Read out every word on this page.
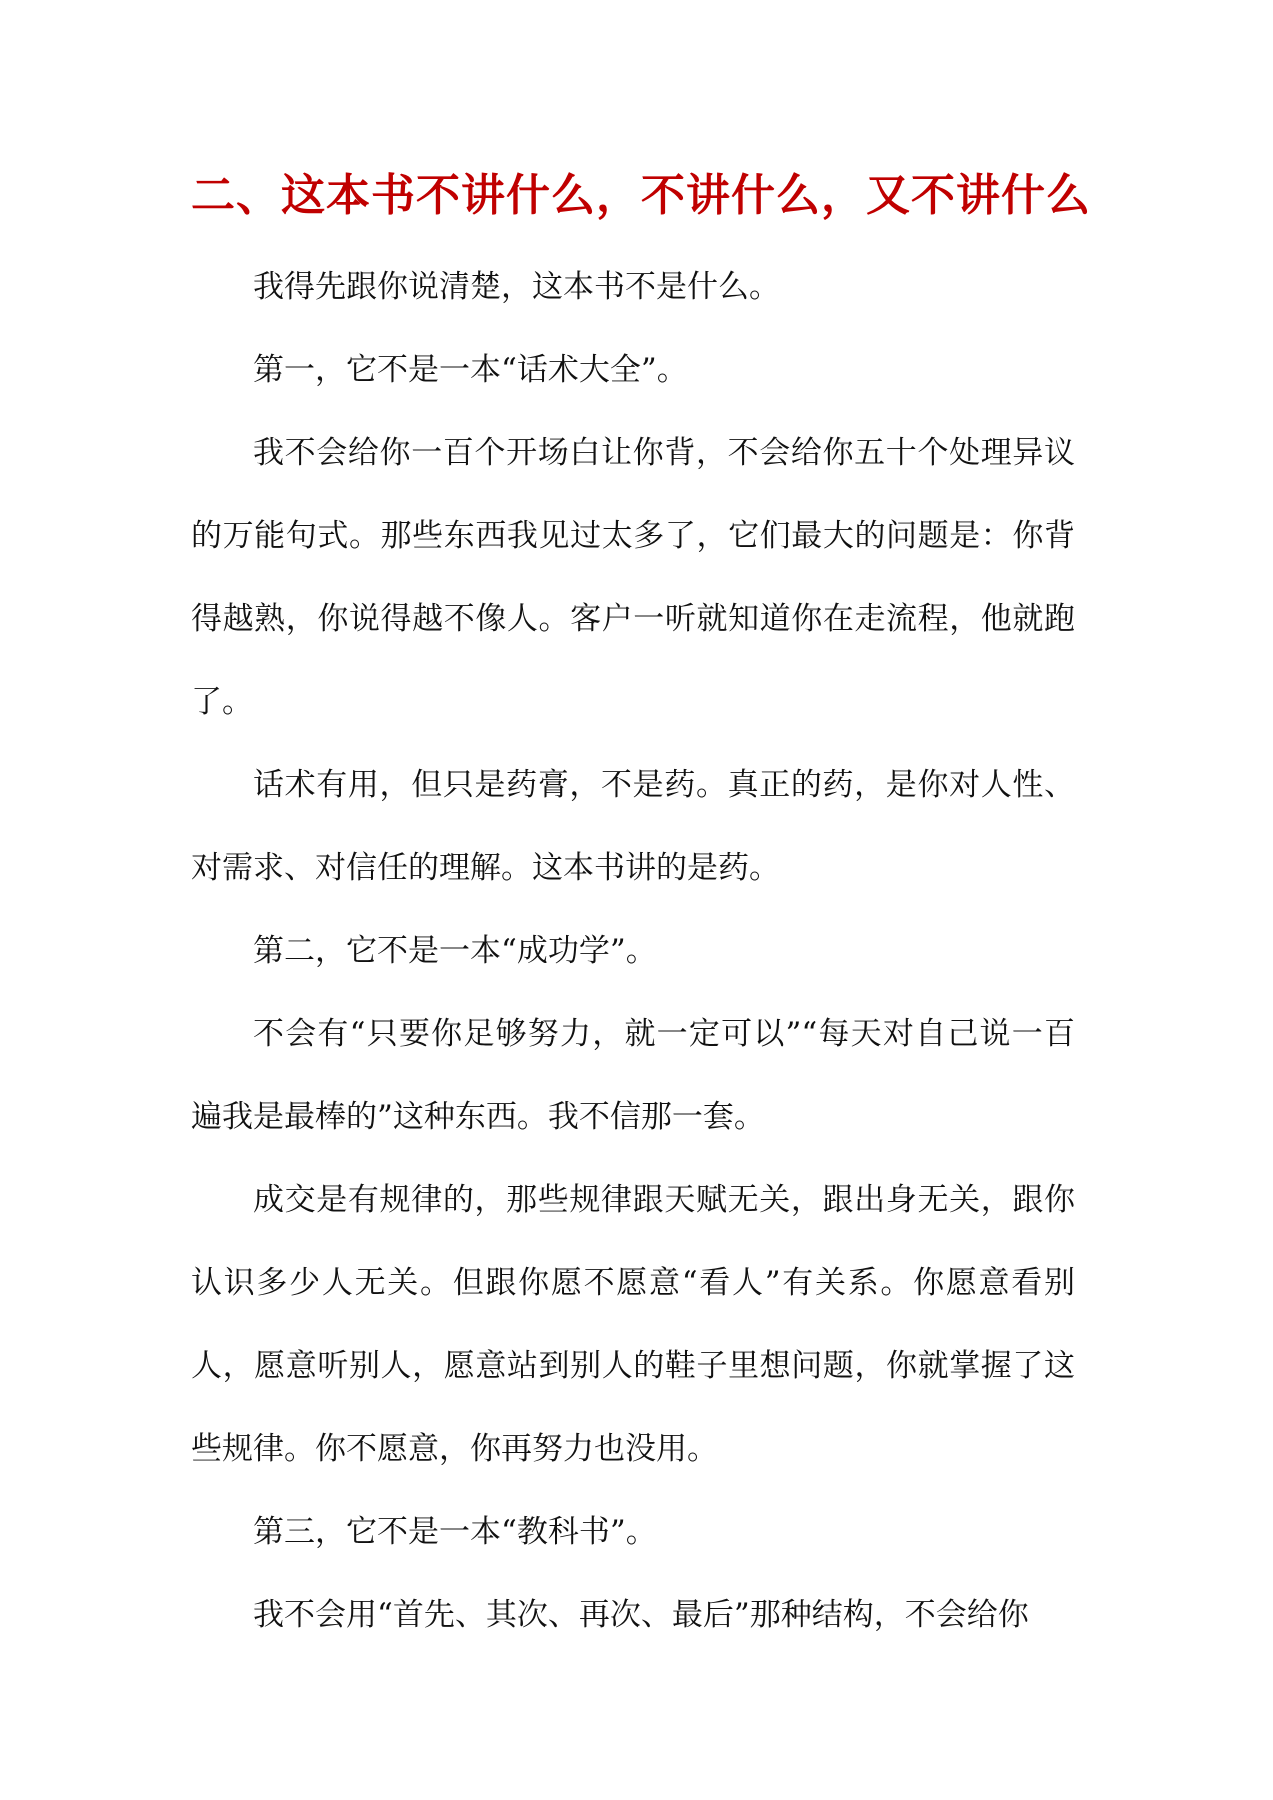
二、这本书不讲什么，不讲什么，又不讲什么

我得先跟你说清楚，这本书不是什么。

第一，它不是一本“话术大全”。

我不会给你一百个开场白让你背，不会给你五十个处理异议的万能句式。那些东西我见过太多了，它们最大的问题是：你背得越熟，你说得越不像人。客户一听就知道你在走流程，他就跑了。

话术有用，但只是药膏，不是药。真正的药，是你对人性、对需求、对信任的理解。这本书讲的是药。

第二，它不是一本“成功学”。

不会有“只要你足够努力，就一定可以”“每天对自己说一百遍我是最棒的”这种东西。我不信那一套。

成交是有规律的，那些规律跟天赋无关，跟出身无关，跟你认识多少人无关。但跟你愿不愿意“看人”有关系。你愿意看别人，愿意听别人，愿意站到别人的鞋子里想问题，你就掌握了这些规律。你不愿意，你再努力也没用。

第三，它不是一本“教科书”。

我不会用“首先、其次、再次、最后”那种结构，不会给你
